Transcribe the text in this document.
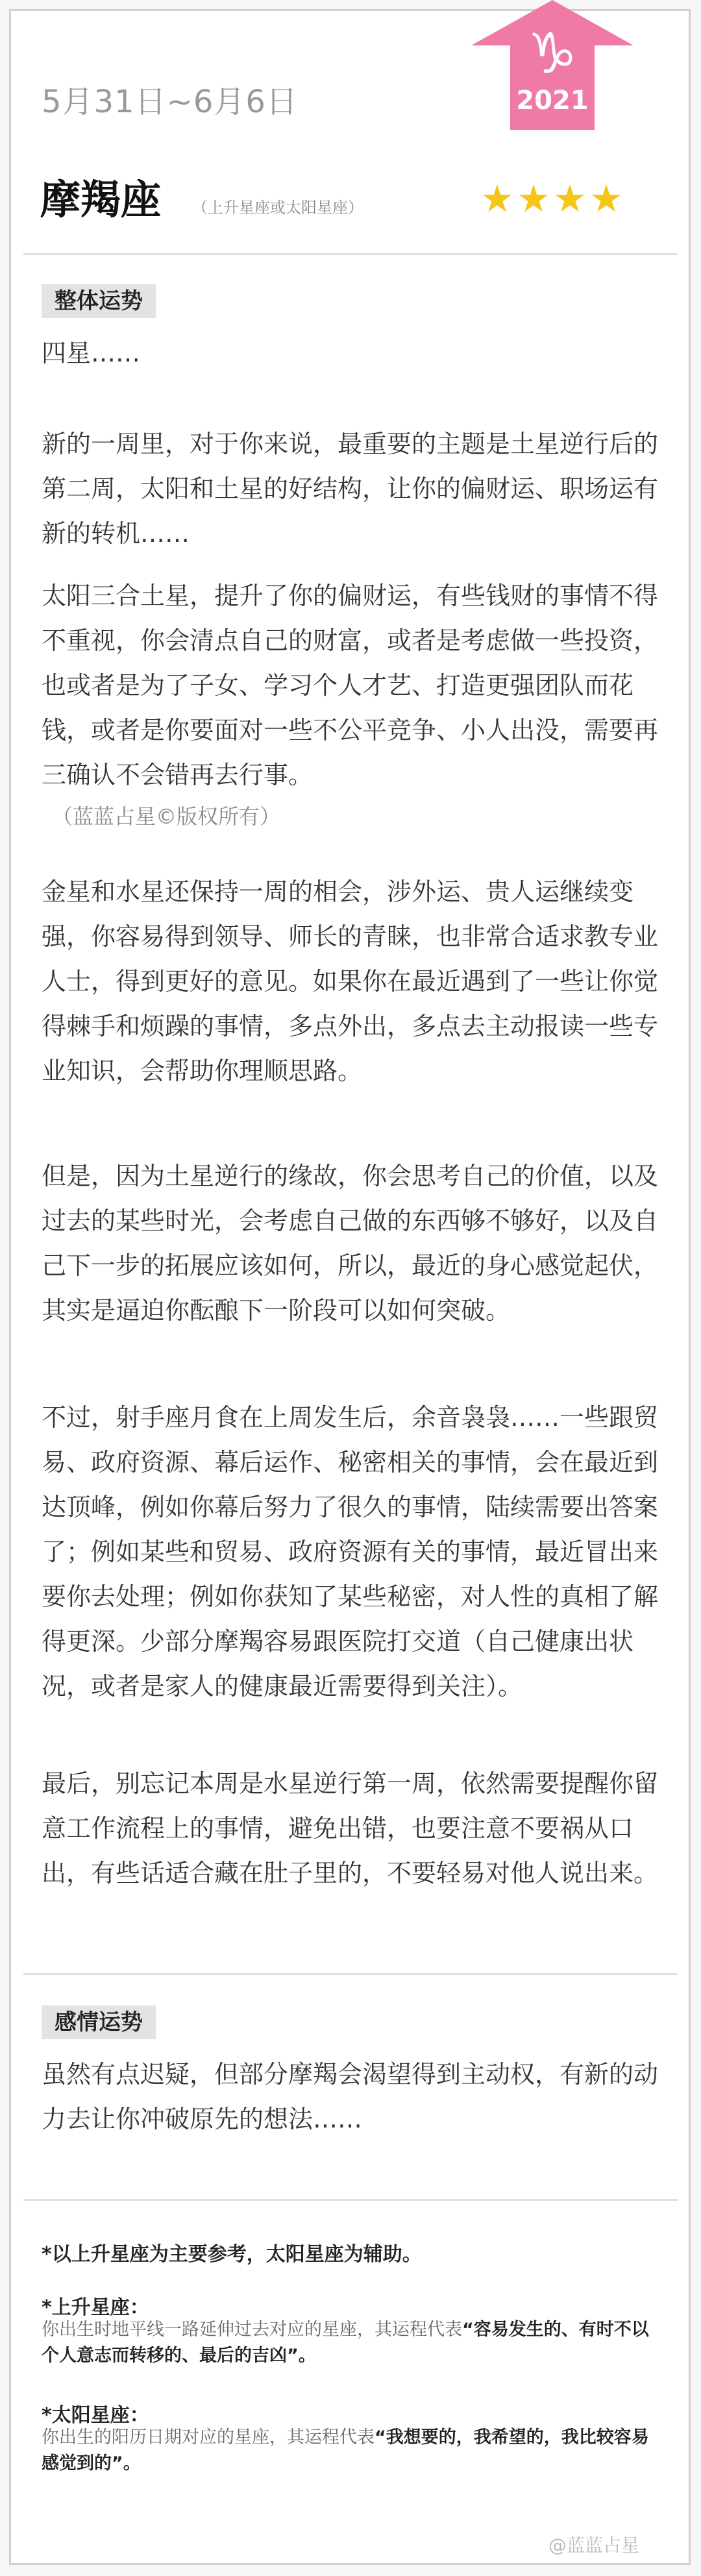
5月31日~6月6日
♑
2021
摩羯座 （上升星座或太阳星座）	★★★★
整体运势

四星……

新的一周里，对于你来说，最重要的主题是土星逆行后的第二周，太阳和土星的好结构，让你的偏财运、职场运有新的转机……

太阳三合土星，提升了你的偏财运，有些钱财的事情不得不重视，你会清点自己的财富，或者是考虑做一些投资，也或者是为了子女、学习个人才艺、打造更强团队而花钱，或者是你要面对一些不公平竞争、小人出没，需要再三确认不会错再去行事。

（蓝蓝占星©版权所有）

金星和水星还保持一周的相会，涉外运、贵人运继续变强，你容易得到领导、师长的青睐，也非常合适求教专业人士，得到更好的意见。如果你在最近遇到了一些让你觉得棘手和烦躁的事情，多点外出，多点去主动报读一些专业知识，会帮助你理顺思路。

但是，因为土星逆行的缘故，你会思考自己的价值，以及过去的某些时光，会考虑自己做的东西够不够好，以及自己下一步的拓展应该如何，所以，最近的身心感觉起伏，其实是逼迫你酝酿下一阶段可以如何突破。

不过，射手座月食在上周发生后，余音袅袅……一些跟贸易、政府资源、幕后运作、秘密相关的事情，会在最近到达顶峰，例如你幕后努力了很久的事情，陆续需要出答案了；例如某些和贸易、政府资源有关的事情，最近冒出来要你去处理；例如你获知了某些秘密，对人性的真相了解得更深。少部分摩羯容易跟医院打交道（自己健康出状况，或者是家人的健康最近需要得到关注）。

最后，别忘记本周是水星逆行第一周，依然需要提醒你留意工作流程上的事情，避免出错，也要注意不要祸从口出，有些话适合藏在肚子里的，不要轻易对他人说出来。

感情运势

虽然有点迟疑，但部分摩羯会渴望得到主动权，有新的动力去让你冲破原先的想法……

*以上升星座为主要参考，太阳星座为辅助。
*上升星座：

你出生时地平线一路延伸过去对应的星座，其运程代表“容易发生的、有时不以个人意志而转移的、最后的吉凶”。

*太阳星座：

你出生的阳历日期对应的星座，其运程代表“我想要的，我希望的，我比较容易感觉到的”。

@蓝蓝占星
